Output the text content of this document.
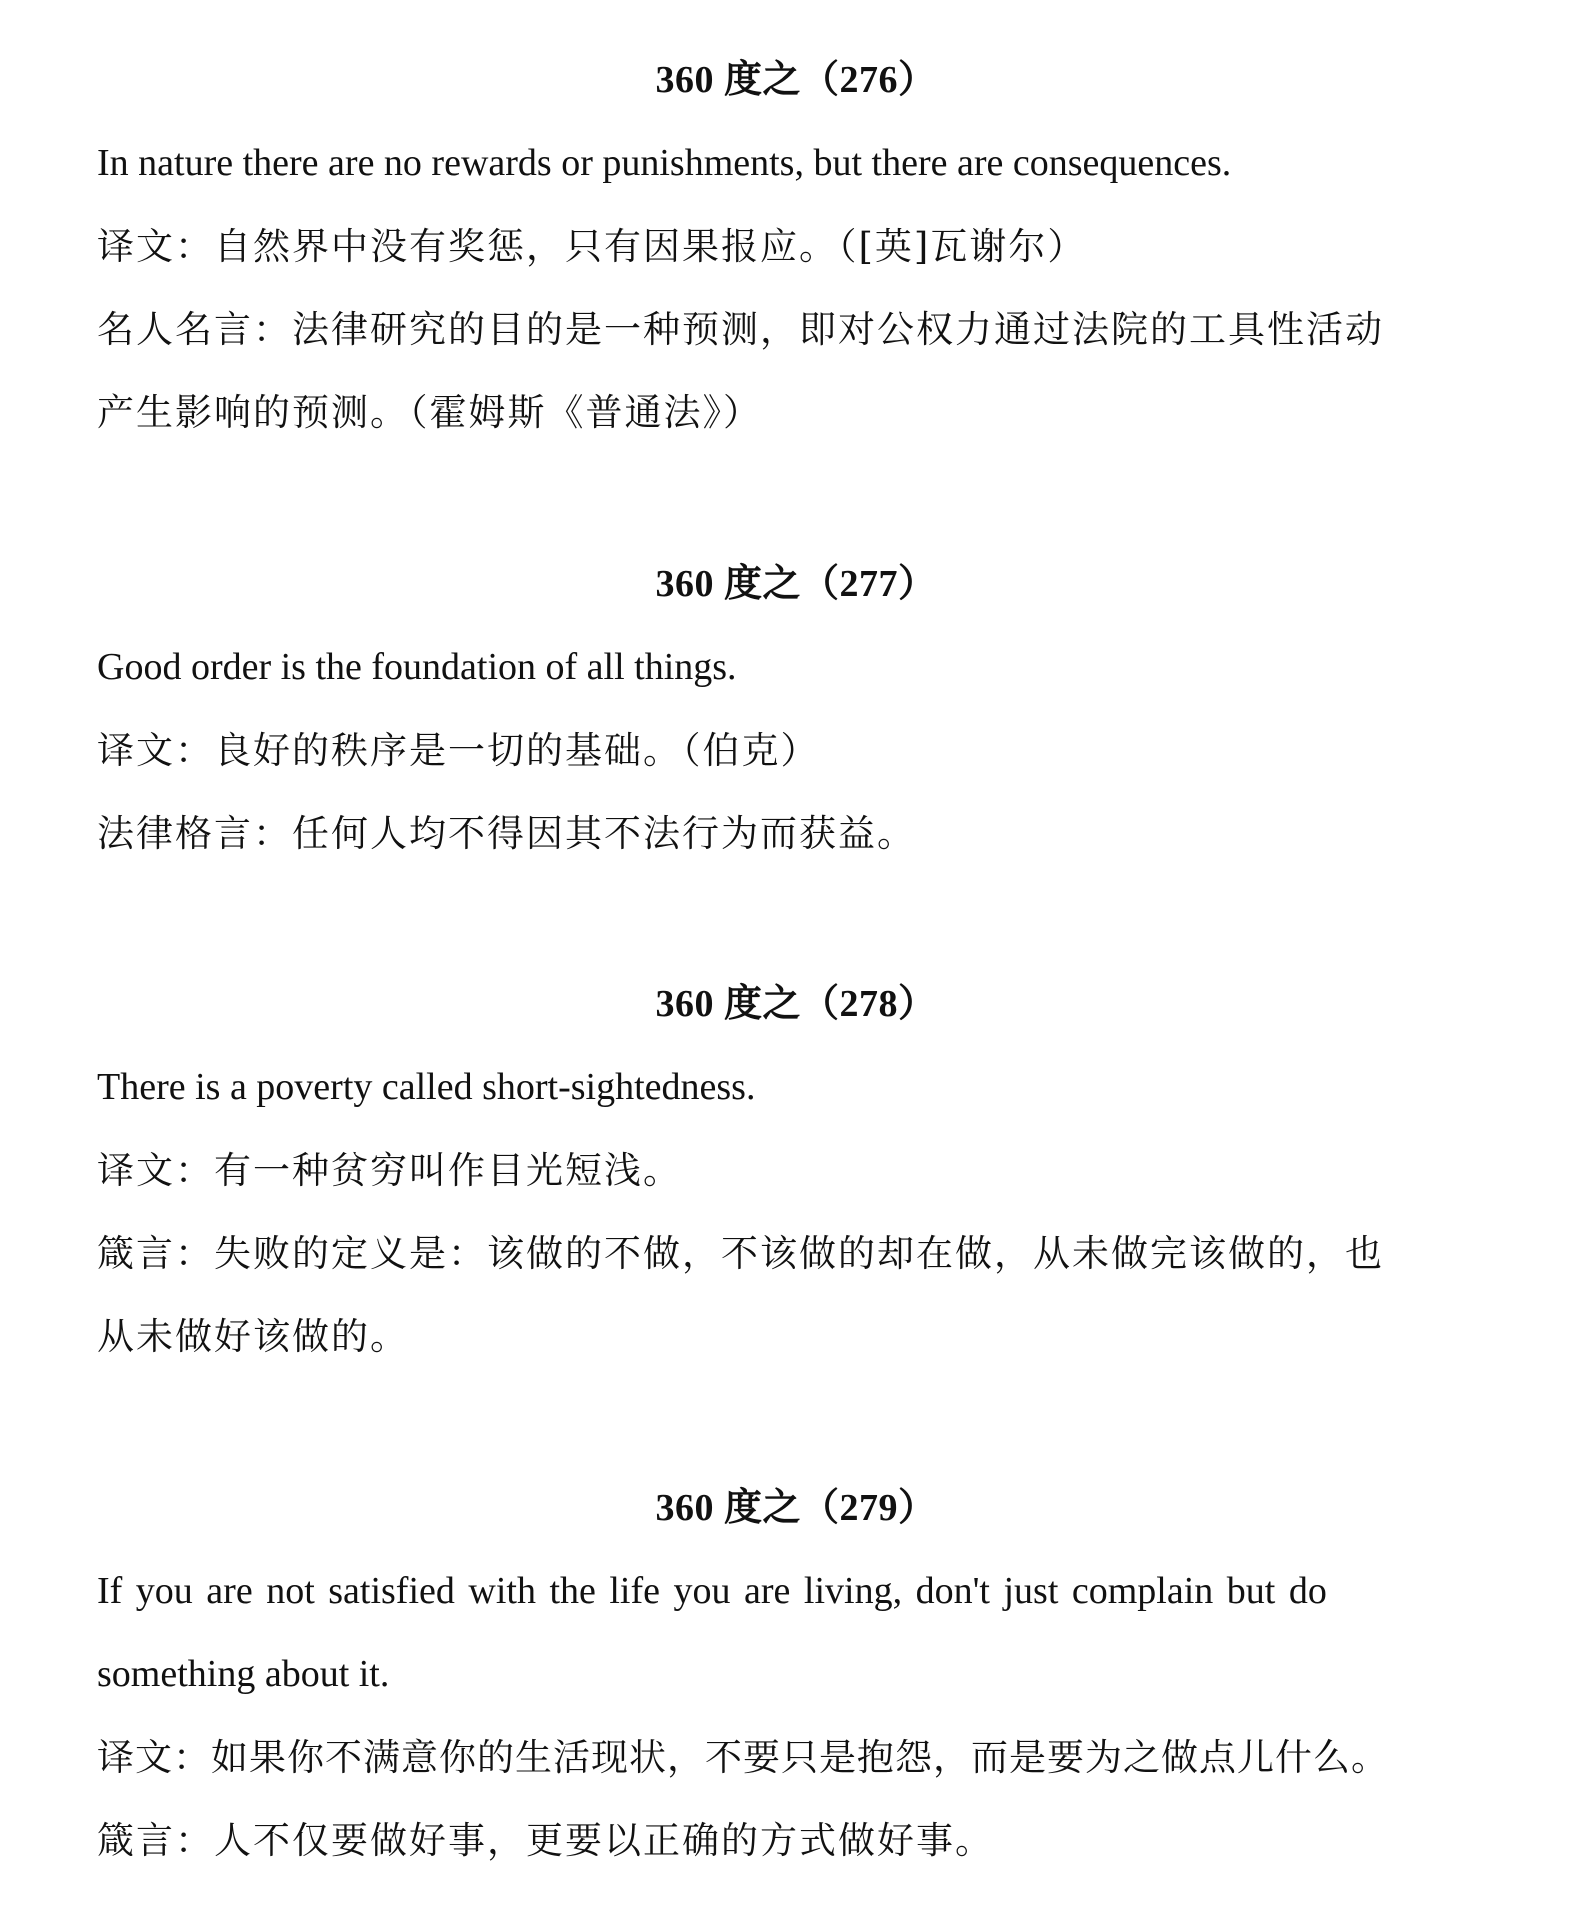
360 度之（276）
In nature there are no rewards or punishments, but there are consequences.
译文：自然界中没有奖惩，只有因果报应。（[英]瓦谢尔）
名人名言：法律研究的目的是一种预测，即对公权力通过法院的工具性活动
产生影响的预测。（霍姆斯《普通法》）
360 度之（277）
Good order is the foundation of all things.
译文：良好的秩序是一切的基础。（伯克）
法律格言：任何人均不得因其不法行为而获益。
360 度之（278）
There is a poverty called short-sightedness.
译文：有一种贫穷叫作目光短浅。
箴言：失败的定义是：该做的不做，不该做的却在做，从未做完该做的，也
从未做好该做的。
360 度之（279）
If you are not satisfied with the life you are living, don't just complain but do
something about it.
译文：如果你不满意你的生活现状，不要只是抱怨，而是要为之做点儿什么。
箴言：人不仅要做好事，更要以正确的方式做好事。
